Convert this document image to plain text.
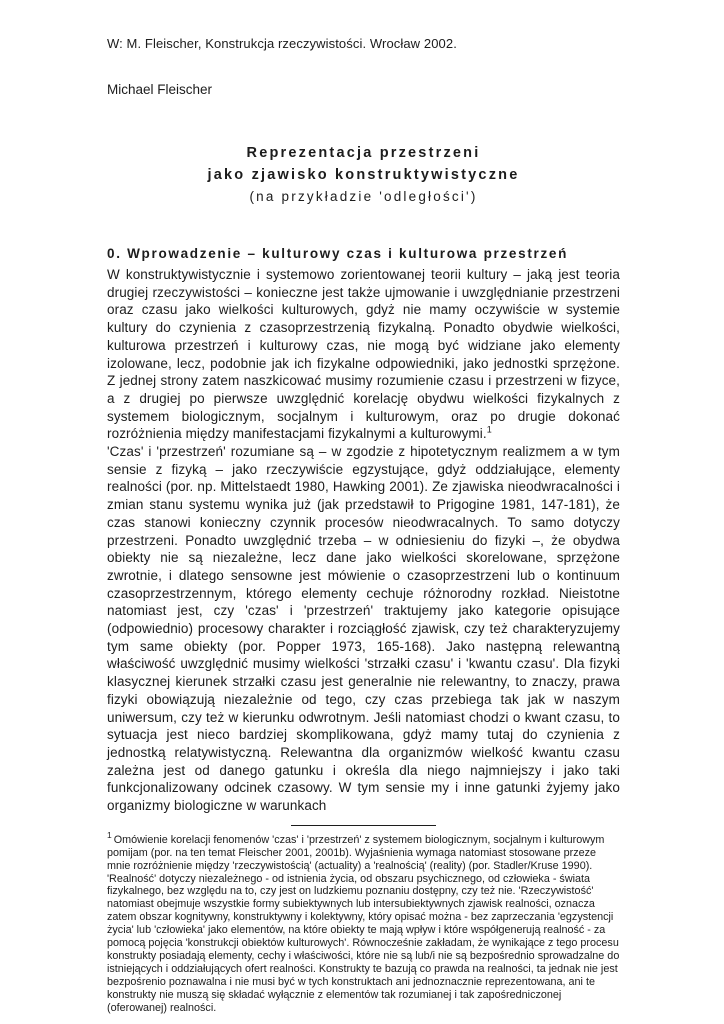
W: M. Fleischer, Konstrukcja rzeczywistości. Wrocław 2002.
Michael Fleischer
Reprezentacja przestrzeni
jako zjawisko konstruktywistyczne
(na przykładzie 'odległości')
0. Wprowadzenie – kulturowy czas i kulturowa przestrzeń

W konstruktywistycznie i systemowo zorientowanej teorii kultury – jaką jest teoria drugiej rzeczywistości – konieczne jest także ujmowanie i uwzględnianie przestrzeni oraz czasu jako wielkości kulturowych, gdyż nie mamy oczywiście w systemie kultury do czynienia z czasoprzestrzenią fizykalną. Ponadto obydwie wielkości, kulturowa przestrzeń i kulturowy czas, nie mogą być widziane jako elementy izolowane, lecz, podobnie jak ich fizykalne odpowiedniki, jako jednostki sprzężone. Z jednej strony zatem naszkicować musimy rozumienie czasu i przestrzeni w fizyce, a z drugiej po pierwsze uwzględnić korelację obydwu wielkości fizykalnych z systemem biologicznym, socjalnym i kulturowym, oraz po drugie dokonać rozróżnienia między manifestacjami fizykalnymi a kulturowymi.$^1$

'Czas' i 'przestrzeń' rozumiane są – w zgodzie z hipotetycznym realizmem a w tym sensie z fizyką – jako rzeczywiście egzystujące, gdyż oddziałujące, elementy realności (por. np. Mittelstaedt 1980, Hawking 2001). Ze zjawiska nieodwracalności i zmian stanu systemu wynika już (jak przedstawił to Prigogine 1981, 147-181), że czas stanowi konieczny czynnik procesów nieodwracalnych. To samo dotyczy przestrzeni. Ponadto uwzględnić trzeba – w odniesieniu do fizyki –, że obydwa obiekty nie są niezależne, lecz dane jako wielkości skorelowane, sprzężone zwrotnie, i dlatego sensowne jest mówienie o czasoprzestrzeni lub o kontinuum czasoprzestrzennym, którego elementy cechuje różnorodny rozkład. Nieistotne natomiast jest, czy 'czas' i 'przestrzeń' traktujemy jako kategorie opisujące (odpowiednio) procesowy charakter i rozciągłość zjawisk, czy też charakteryzujemy tym same obiekty (por. Popper 1973, 165-168). Jako następną relewantną właściwość uwzględnić musimy wielkości 'strzałki czasu' i 'kwantu czasu'. Dla fizyki klasycznej kierunek strzałki czasu jest generalnie nie relewantny, to znaczy, prawa fizyki obowiązują niezależnie od tego, czy czas przebiega tak jak w naszym uniwersum, czy też w kierunku odwrotnym. Jeśli natomiast chodzi o kwant czasu, to sytuacja jest nieco bardziej skomplikowana, gdyż mamy tutaj do czynienia z jednostką relatywistyczną. Relewantna dla organizmów wielkość kwantu czasu zależna jest od danego gatunku i określa dla niego najmniejszy i jako taki funkcjonalizowany odcinek czasowy. W tym sensie my i inne gatunki żyjemy jako organizmy biologiczne w warunkach

$^1$ Omówienie korelacji fenomenów 'czas' i 'przestrzeń' z systemem biologicznym, socjalnym i kulturowym pomijam (por. na ten temat Fleischer 2001, 2001b). Wyjaśnienia wymaga natomiast stosowane przeze mnie rozróżnienie między 'rzeczywistością' (actuality) a 'realnością' (reality) (por. Stadler/Kruse 1990). 'Realność' dotyczy niezależnego - od istnienia życia, od obszaru psychicznego, od człowieka - świata fizykalnego, bez względu na to, czy jest on ludzkiemu poznaniu dostępny, czy też nie. 'Rzeczywistość' natomiast obejmuje wszystkie formy subiektywnych lub intersubiektywnych zjawisk realności, oznacza zatem obszar kognitywny, konstruktywny i kolektywny, który opisać można - bez zaprzeczania 'egzystencji życia' lub 'człowieka' jako elementów, na które obiekty te mają wpływ i które współgenerują realność - za pomocą pojęcia 'konstrukcji obiektów kulturowych'. Równocześnie zakładam, że wynikające z tego procesu konstrukty posiadają elementy, cechy i właściwości, które nie są lub/i nie są bezpośrednio sprowadzalne do istniejących i oddziałujących ofert realności. Konstrukty te bazują co prawda na realności, ta jednak nie jest bezpośrenio poznawalna i nie musi być w tych konstruktach ani jednoznacznie reprezentowana, ani te konstrukty nie muszą się składać wyłącznie z elementów tak rozumianej i tak zapośredniczonej (oferowanej) realności.
